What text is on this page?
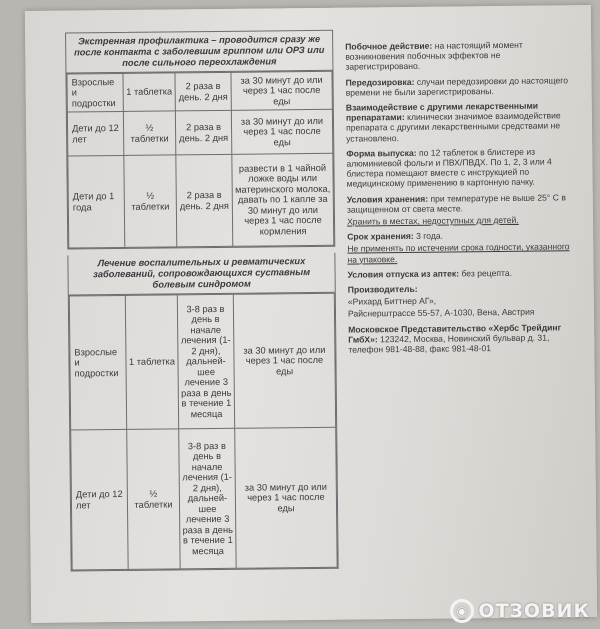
Экстренная профилактика – проводится сразу же после контакта с заболевшим гриппом или ОРЗ или после сильного переохлаждения
Взрослые и подростки	1 таблетка	2 раза в день. 2 дня	за 30 минут до или через 1 час после еды
Дети до 12 лет	½ таблетки	2 раза в день. 2 дня	за 30 минут до или через 1 час после еды
Дети до 1 года	½ таблетки	2 раза в день. 2 дня	развести в 1 чайной ложке воды или материнского молока, давать по 1 капле за 30 минут до или через 1 час после кормления
Лечение воспалительных и ревматических заболеваний, сопровождающихся суставным болевым синдромом
Взрослые и подростки	1 таблетка	3-8 раз в день в начале лечения (1-2 дня), дальней-шее лечение 3 раза в день в течение 1 месяца	за 30 минут до или через 1 час после еды
Дети до 12 лет	½ таблетки	3-8 раз в день в начале лечения (1-2 дня), дальней-шее лечение 3 раза в день в течение 1 месяца	за 30 минут до или через 1 час после еды

Побочное действие: на настоящий момент возникновения побочных эффектов не зарегистрировано.

Передозировка: случаи передозировки до настоящего времени не были зарегистрированы.

Взаимодействие с другими лекарственными препаратами: клинически значимое взаимодействие препарата с другими лекарственными средствами не установлено.

Форма выпуска: по 12 таблеток в блистере из алюминиевой фольги и ПВХ/ПВДХ. По 1, 2, 3 или 4 блистера помещают вместе с инструкцией по медицинскому применению в картонную пачку.

Условия хранения: при температуре не выше 25° С в защищенном от света месте.

Хранить в местах, недоступных для детей.

Срок хранения: 3 года.

Не применять по истечении срока годности, указанного на упаковке.

Условия отпуска из аптек: без рецепта.

Производитель:

«Рихард Биттнер АГ»,

Райснерштрассе 55-57, А-1030, Вена, Австрия

Московское Представительство «Хербс Трейдинг ГмбХ»: 123242, Москва, Новинский бульвар д. 31, телефон 981-48-88, факс 981-48-01

◉ ОТЗОВИК
